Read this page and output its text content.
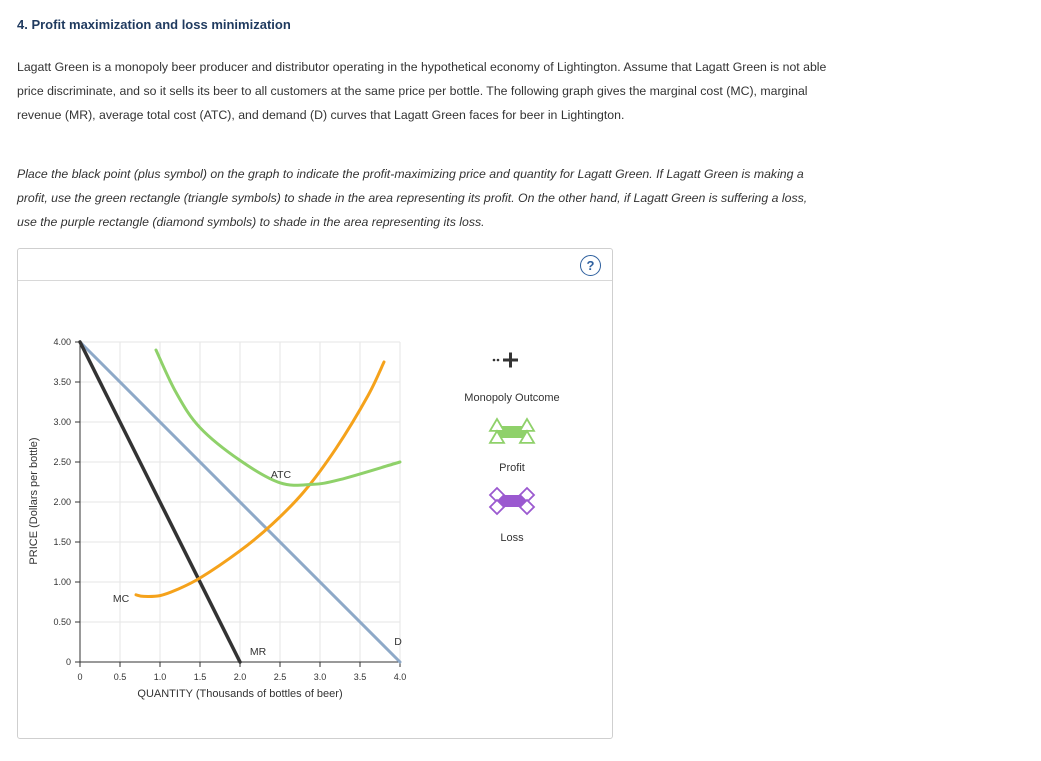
4. Profit maximization and loss minimization
Lagatt Green is a monopoly beer producer and distributor operating in the hypothetical economy of Lightington. Assume that Lagatt Green is not able
price discriminate, and so it sells its beer to all customers at the same price per bottle. The following graph gives the marginal cost (MC), marginal
revenue (MR), average total cost (ATC), and demand (D) curves that Lagatt Green faces for beer in Lightington.
Place the black point (plus symbol) on the graph to indicate the profit-maximizing price and quantity for Lagatt Green. If Lagatt Green is making a
profit, use the green rectangle (triangle symbols) to shade in the area representing its profit. On the other hand, if Lagatt Green is suffering a loss,
use the purple rectangle (diamond symbols) to shade in the area representing its loss.
?
0	0.5	1.0	1.5	2.0	2.5	3.0	3.5	4.0
0
0.50
1.00
1.50
2.00
2.50
3.00
3.50
4.00
ATC
MC
MR
D
QUANTITY (Thousands of bottles of beer)
PRICE (Dollars per bottle)
Monopoly Outcome
Profit
Loss
